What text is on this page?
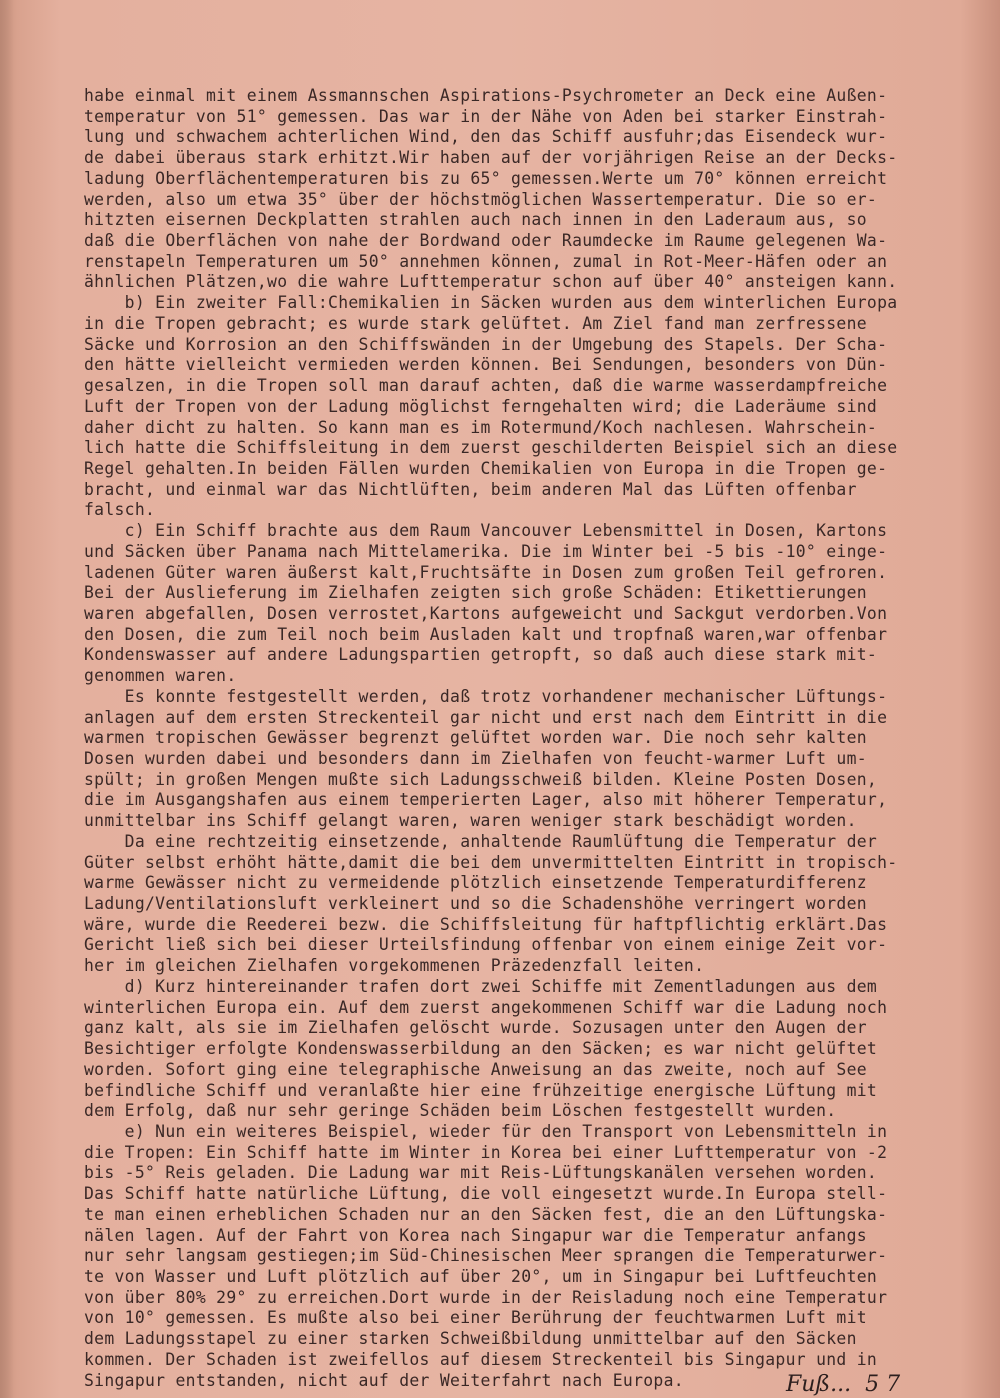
habe einmal mit einem Assmannschen Aspirations-Psychrometer an Deck eine Außen-
temperatur von 51° gemessen. Das war in der Nähe von Aden bei starker Einstrah-
lung und schwachem achterlichen Wind, den das Schiff ausfuhr;das Eisendeck wur-
de dabei überaus stark erhitzt.Wir haben auf der vorjährigen Reise an der Decks-
ladung Oberflächentemperaturen bis zu 65° gemessen.Werte um 70° können erreicht
werden, also um etwa 35° über der höchstmöglichen Wassertemperatur. Die so er-
hitzten eisernen Deckplatten strahlen auch nach innen in den Laderaum aus, so
daß die Oberflächen von nahe der Bordwand oder Raumdecke im Raume gelegenen Wa-
renstapeln Temperaturen um 50° annehmen können, zumal in Rot-Meer-Häfen oder an
ähnlichen Plätzen,wo die wahre Lufttemperatur schon auf über 40° ansteigen kann.
b) Ein zweiter Fall:Chemikalien in Säcken wurden aus dem winterlichen Europa
in die Tropen gebracht; es wurde stark gelüftet. Am Ziel fand man zerfressene
Säcke und Korrosion an den Schiffswänden in der Umgebung des Stapels. Der Scha-
den hätte vielleicht vermieden werden können. Bei Sendungen, besonders von Dün-
gesalzen, in die Tropen soll man darauf achten, daß die warme wasserdampfreiche
Luft der Tropen von der Ladung möglichst ferngehalten wird; die Laderäume sind
daher dicht zu halten. So kann man es im Rotermund/Koch nachlesen. Wahrschein-
lich hatte die Schiffsleitung in dem zuerst geschilderten Beispiel sich an diese
Regel gehalten.In beiden Fällen wurden Chemikalien von Europa in die Tropen ge-
bracht, und einmal war das Nichtlüften, beim anderen Mal das Lüften offenbar
falsch.
c) Ein Schiff brachte aus dem Raum Vancouver Lebensmittel in Dosen, Kartons
und Säcken über Panama nach Mittelamerika. Die im Winter bei -5 bis -10° einge-
ladenen Güter waren äußerst kalt,Fruchtsäfte in Dosen zum großen Teil gefroren.
Bei der Auslieferung im Zielhafen zeigten sich große Schäden: Etikettierungen
waren abgefallen, Dosen verrostet,Kartons aufgeweicht und Sackgut verdorben.Von
den Dosen, die zum Teil noch beim Ausladen kalt und tropfnaß waren,war offenbar
Kondenswasser auf andere Ladungspartien getropft, so daß auch diese stark mit-
genommen waren.
Es konnte festgestellt werden, daß trotz vorhandener mechanischer Lüftungs-
anlagen auf dem ersten Streckenteil gar nicht und erst nach dem Eintritt in die
warmen tropischen Gewässer begrenzt gelüftet worden war. Die noch sehr kalten
Dosen wurden dabei und besonders dann im Zielhafen von feucht-warmer Luft um-
spült; in großen Mengen mußte sich Ladungsschweiß bilden. Kleine Posten Dosen,
die im Ausgangshafen aus einem temperierten Lager, also mit höherer Temperatur,
unmittelbar ins Schiff gelangt waren, waren weniger stark beschädigt worden.
Da eine rechtzeitig einsetzende, anhaltende Raumlüftung die Temperatur der
Güter selbst erhöht hätte,damit die bei dem unvermittelten Eintritt in tropisch-
warme Gewässer nicht zu vermeidende plötzlich einsetzende Temperaturdifferenz
Ladung/Ventilationsluft verkleinert und so die Schadenshöhe verringert worden
wäre, wurde die Reederei bezw. die Schiffsleitung für haftpflichtig erklärt.Das
Gericht ließ sich bei dieser Urteilsfindung offenbar von einem einige Zeit vor-
her im gleichen Zielhafen vorgekommenen Präzedenzfall leiten.
d) Kurz hintereinander trafen dort zwei Schiffe mit Zementladungen aus dem
winterlichen Europa ein. Auf dem zuerst angekommenen Schiff war die Ladung noch
ganz kalt, als sie im Zielhafen gelöscht wurde. Sozusagen unter den Augen der
Besichtiger erfolgte Kondenswasserbildung an den Säcken; es war nicht gelüftet
worden. Sofort ging eine telegraphische Anweisung an das zweite, noch auf See
befindliche Schiff und veranlaßte hier eine frühzeitige energische Lüftung mit
dem Erfolg, daß nur sehr geringe Schäden beim Löschen festgestellt wurden.
e) Nun ein weiteres Beispiel, wieder für den Transport von Lebensmitteln in
die Tropen: Ein Schiff hatte im Winter in Korea bei einer Lufttemperatur von -2
bis -5° Reis geladen. Die Ladung war mit Reis-Lüftungskanälen versehen worden.
Das Schiff hatte natürliche Lüftung, die voll eingesetzt wurde.In Europa stell-
te man einen erheblichen Schaden nur an den Säcken fest, die an den Lüftungska-
nälen lagen. Auf der Fahrt von Korea nach Singapur war die Temperatur anfangs
nur sehr langsam gestiegen;im Süd-Chinesischen Meer sprangen die Temperaturwer-
te von Wasser und Luft plötzlich auf über 20°, um in Singapur bei Luftfeuchten
von über 80% 29° zu erreichen.Dort wurde in der Reisladung noch eine Temperatur
von 10° gemessen. Es mußte also bei einer Berührung der feuchtwarmen Luft mit
dem Ladungsstapel zu einer starken Schweißbildung unmittelbar auf den Säcken
kommen. Der Schaden ist zweifellos auf diesem Streckenteil bis Singapur und in
Singapur entstanden, nicht auf der Weiterfahrt nach Europa.	Fuß...  5 7
